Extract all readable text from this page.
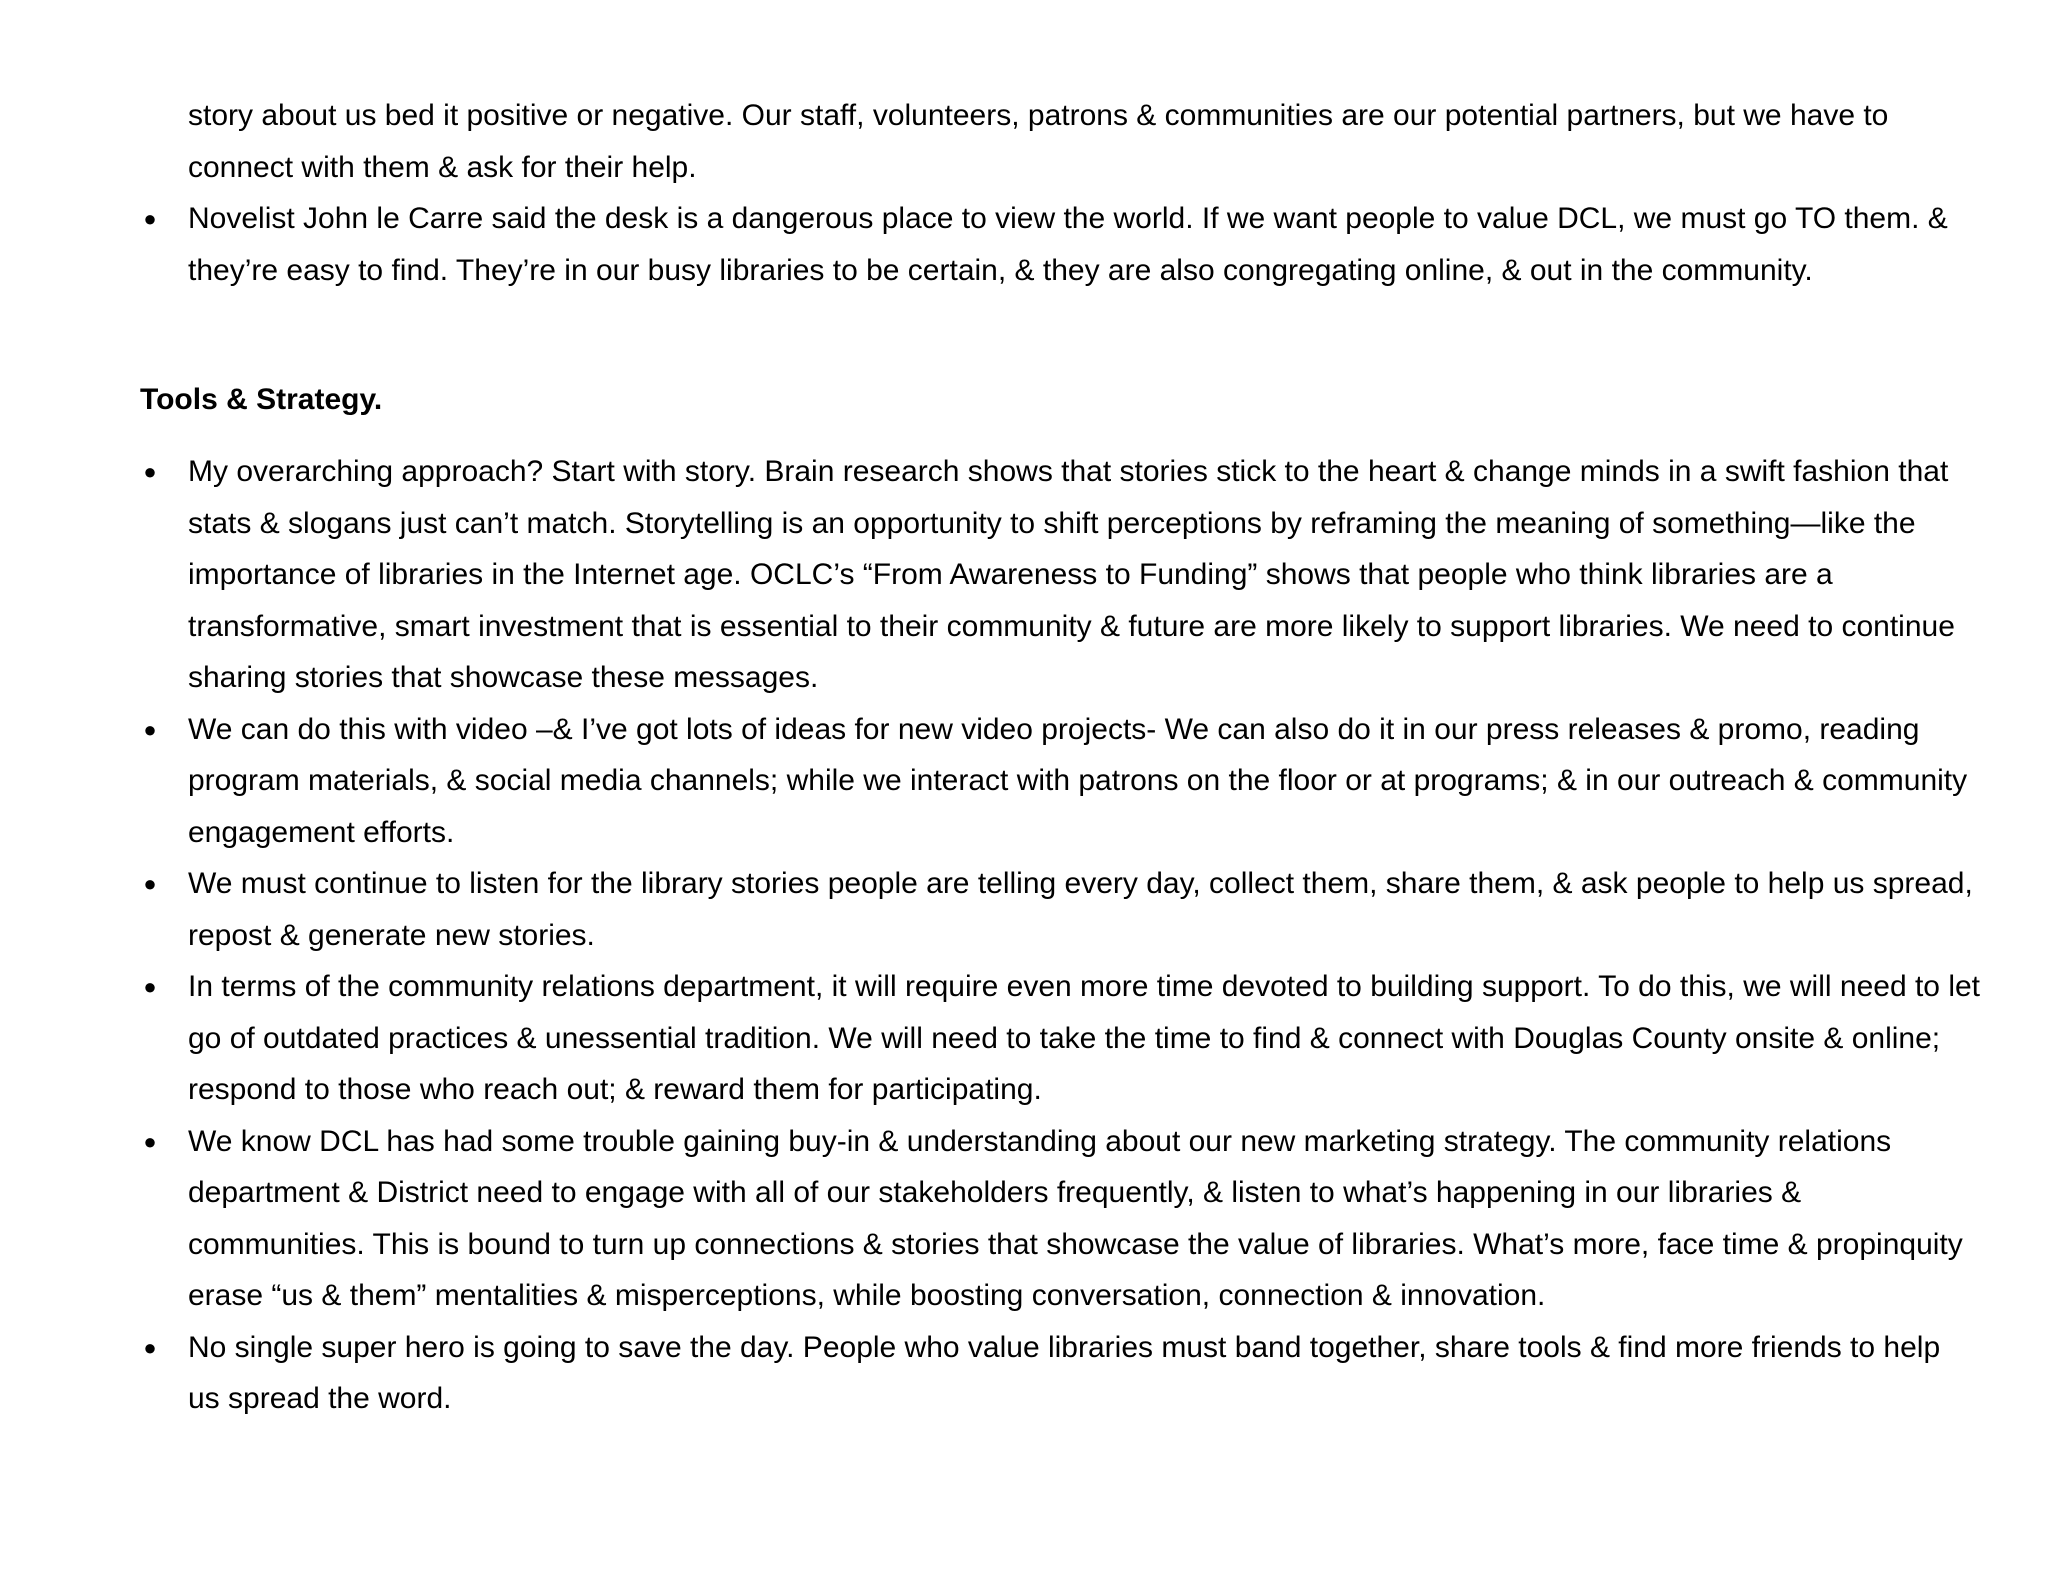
story about us bed it positive or negative. Our staff, volunteers, patrons & communities are our potential partners, but we have to connect with them & ask for their help.

● Novelist John le Carre said the desk is a dangerous place to view the world. If we want people to value DCL, we must go TO them. & they’re easy to find. They’re in our busy libraries to be certain, & they are also congregating online, & out in the community.
Tools & Strategy.
● My overarching approach? Start with story. Brain research shows that stories stick to the heart & change minds in a swift fashion that stats & slogans just can’t match. Storytelling is an opportunity to shift perceptions by reframing the meaning of something—like the importance of libraries in the Internet age. OCLC’s “From Awareness to Funding” shows that people who think libraries are a transformative, smart investment that is essential to their community & future are more likely to support libraries. We need to continue sharing stories that showcase these messages.
● We can do this with video –& I’ve got lots of ideas for new video projects- We can also do it in our press releases & promo, reading program materials, & social media channels; while we interact with patrons on the floor or at programs; & in our outreach & community engagement efforts.
● We must continue to listen for the library stories people are telling every day, collect them, share them, & ask people to help us spread, repost & generate new stories.
● In terms of the community relations department, it will require even more time devoted to building support. To do this, we will need to let go of outdated practices & unessential tradition. We will need to take the time to find & connect with Douglas County onsite & online; respond to those who reach out; & reward them for participating.
● We know DCL has had some trouble gaining buy-in & understanding about our new marketing strategy. The community relations department & District need to engage with all of our stakeholders frequently, & listen to what’s happening in our libraries & communities. This is bound to turn up connections & stories that showcase the value of libraries. What’s more, face time & propinquity erase “us & them” mentalities & misperceptions, while boosting conversation, connection & innovation.
● No single super hero is going to save the day. People who value libraries must band together, share tools & find more friends to help us spread the word.
